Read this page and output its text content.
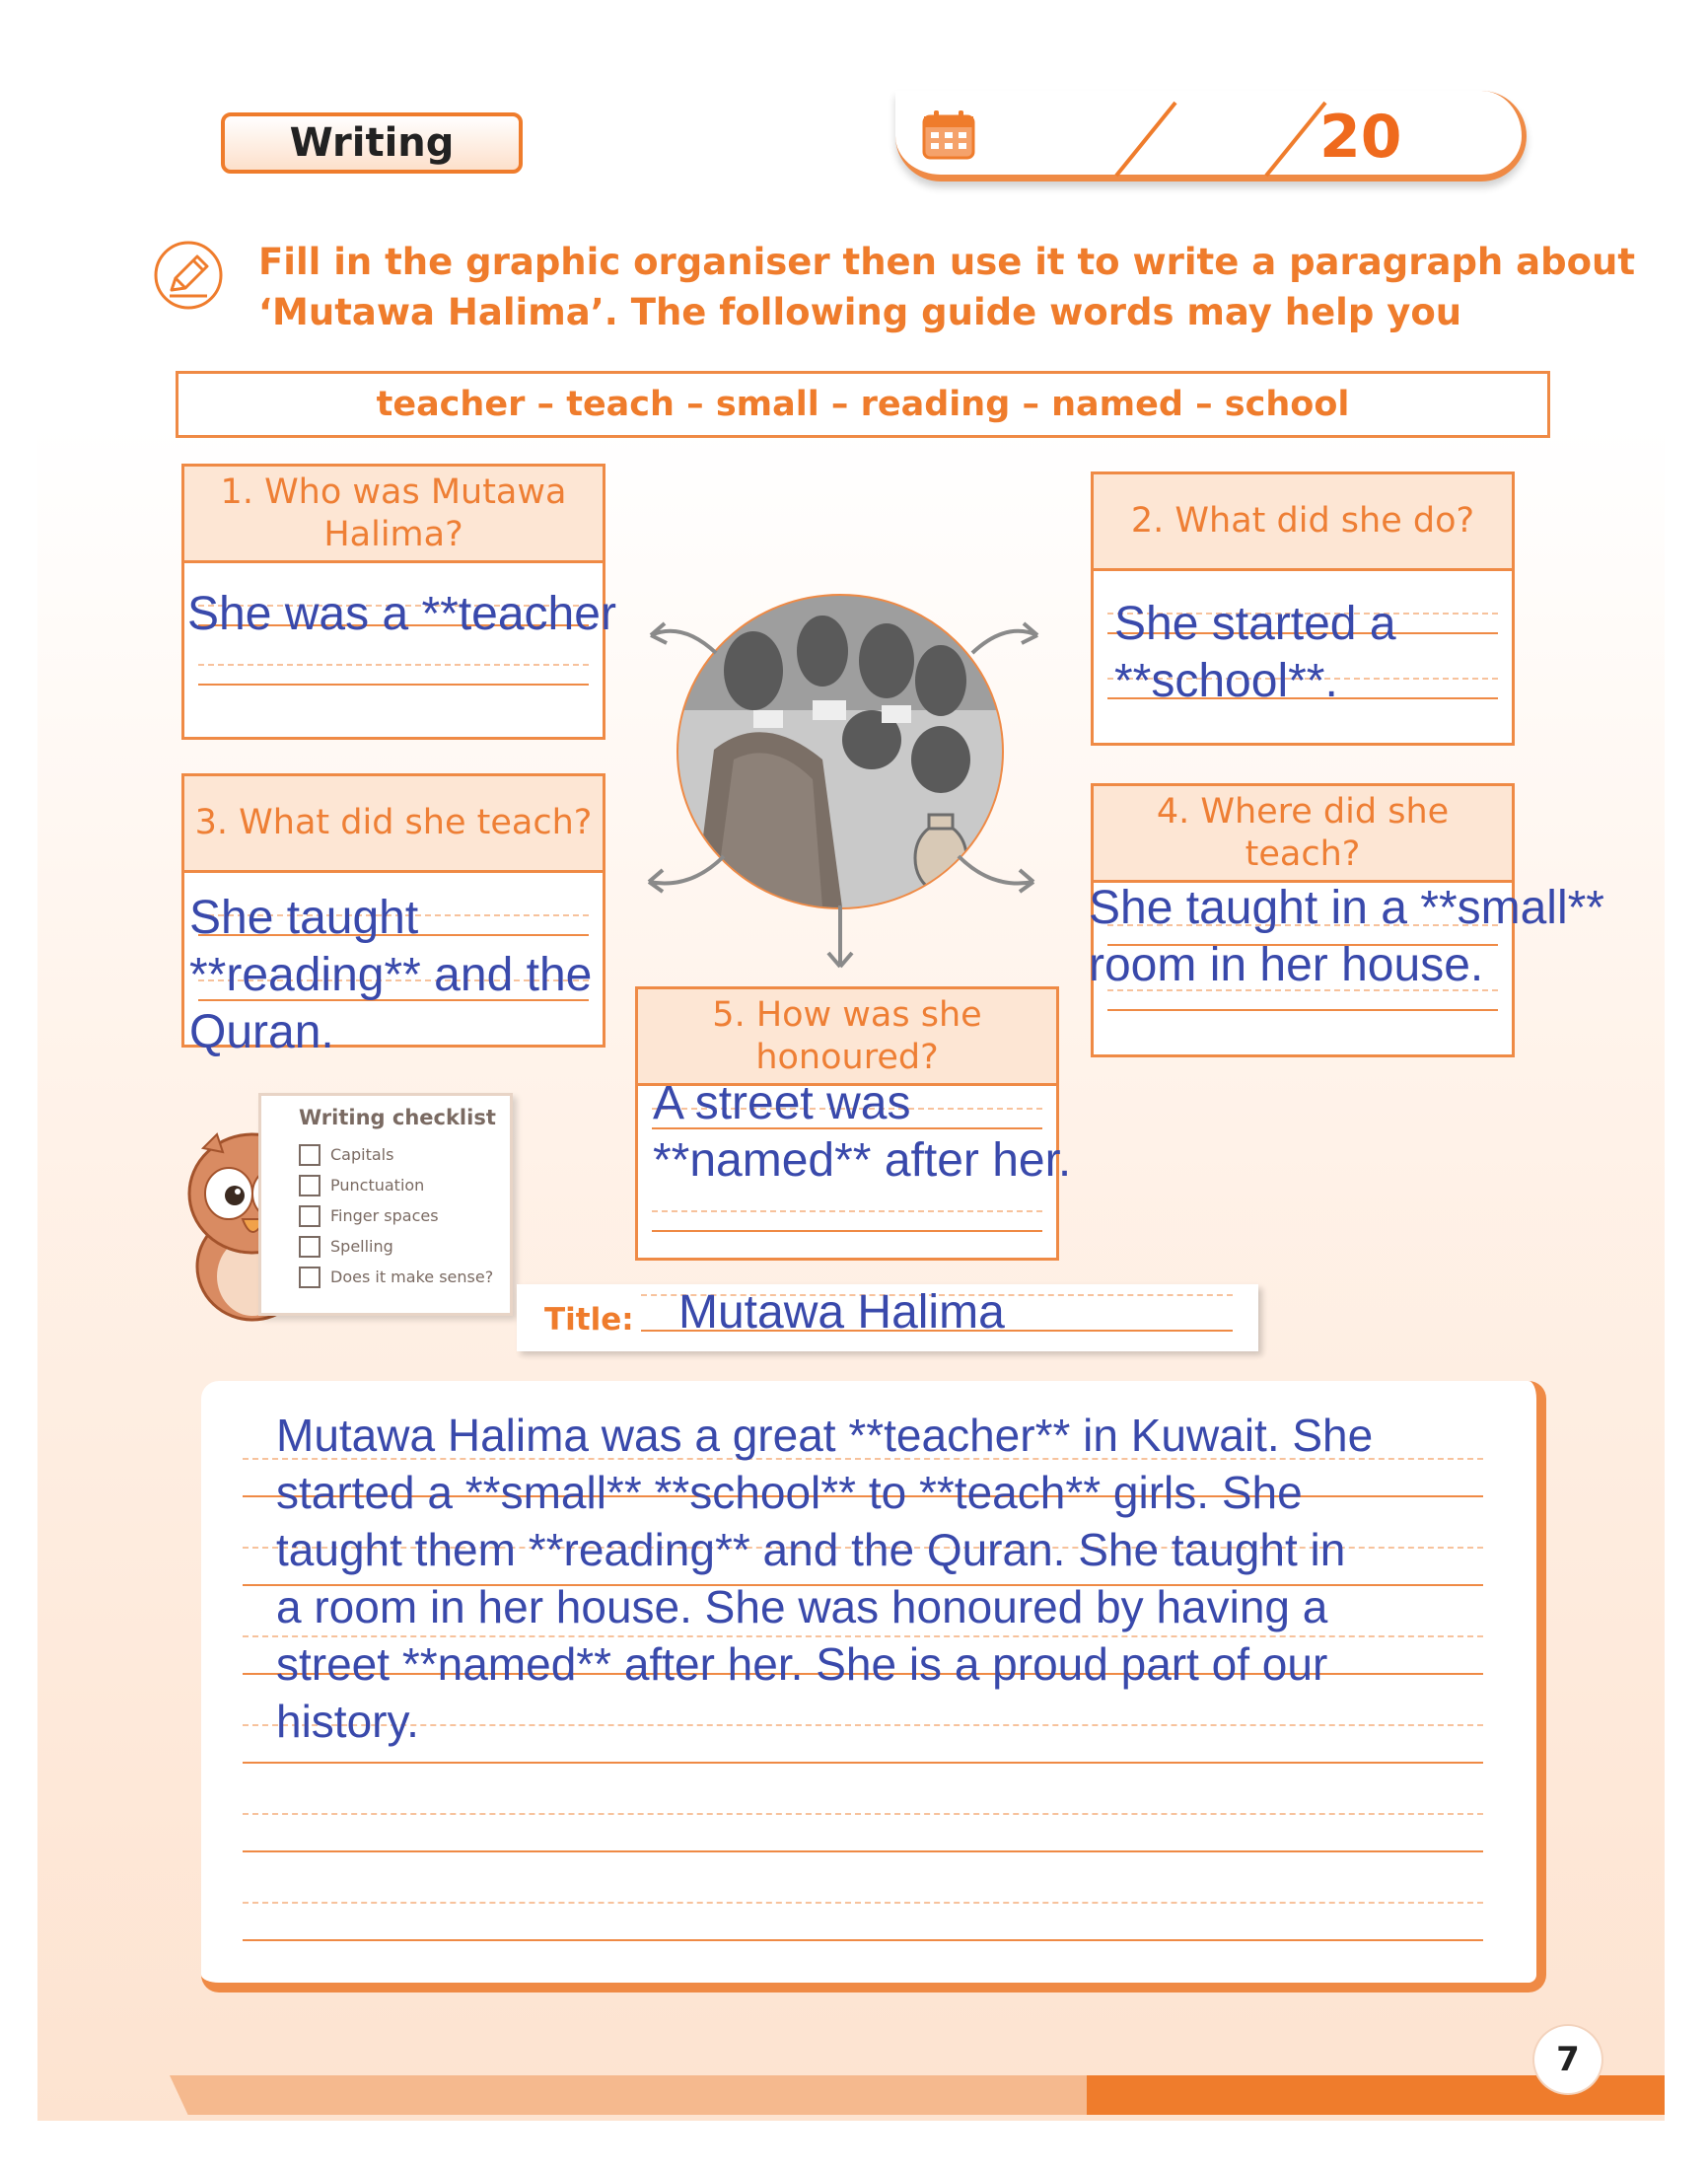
Writing	20
Fill in the graphic organiser then use it to write a paragraph about
‘Mutawa Halima’. The following guide words may help you
teacher – teach – small – reading – named – school
1. Who was Mutawa Halima?
She was a **teacher
2. What did she do?
She started a **school**.
3. What did she teach?
She taught **reading** and the Quran.
4. Where did she teach?
She taught in a **small** room in her house.
5. How was she honoured?
A street was **named** after her.
Writing checklist
Capitals
Punctuation
Finger spaces
Spelling
Does it make sense?
Title: Mutawa Halima
Mutawa Halima was a great **teacher** in Kuwait. She
started a **small** **school** to **teach** girls. She
taught them **reading** and the Quran. She taught in
a room in her house. She was honoured by having a
street **named** after her. She is a proud part of our
history.
7
